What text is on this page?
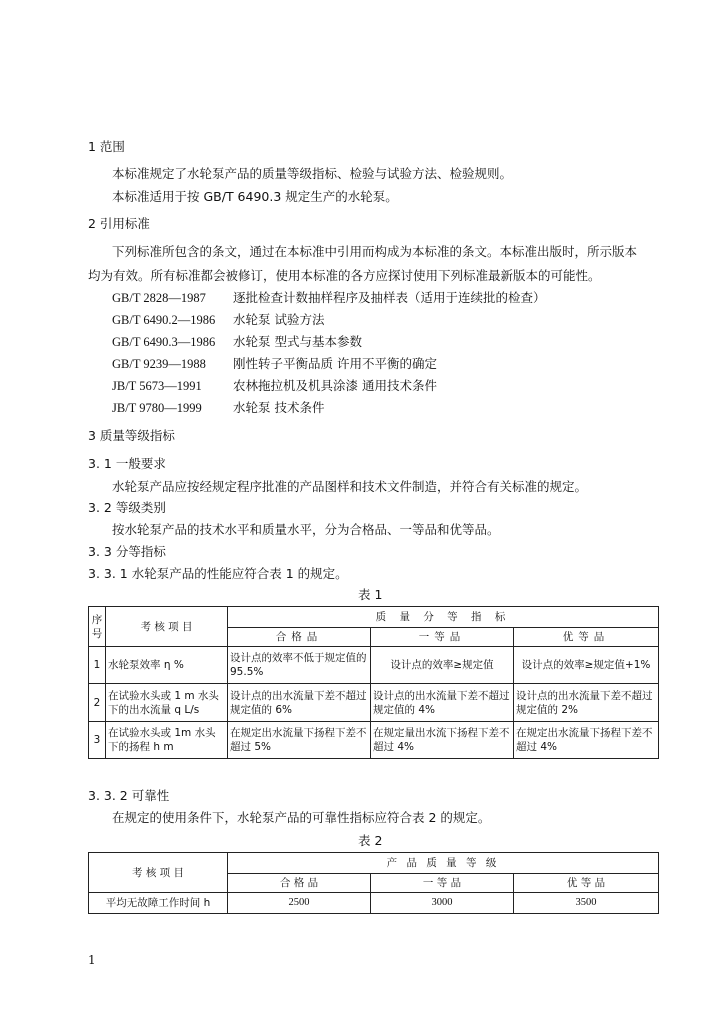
1 范围
本标准规定了水轮泵产品的质量等级指标、检验与试验方法、检验规则。
本标准适用于按 GB/T 6490.3 规定生产的水轮泵。
2 引用标准
下列标准所包含的条文，通过在本标准中引用而构成为本标准的条文。本标准出版时，所示版本
均为有效。所有标准都会被修订，使用本标准的各方应探讨使用下列标准最新版本的可能性。
GB/T 2828—1987 逐批检查计数抽样程序及抽样表（适用于连续批的检查）
GB/T 6490.2—1986 水轮泵 试验方法
GB/T 6490.3—1986 水轮泵 型式与基本参数
GB/T 9239—1988 刚性转子平衡品质 许用不平衡的确定
JB/T 5673—1991	农林拖拉机及机具涂漆 通用技术条件
JB/T 9780—1999	水轮泵 技术条件
3 质量等级指标
3. 1 一般要求
水轮泵产品应按经规定程序批准的产品图样和技术文件制造，并符合有关标准的规定。
3. 2 等级类别
按水轮泵产品的技术水平和质量水平，分为合格品、一等品和优等品。
3. 3 分等指标
3. 3. 1 水轮泵产品的性能应符合表 1 的规定。
表 1
序号	考 核 项 目	质 量 分 等 指 标		
		合格品	一等品	优等品
1	水轮泵效率 η %	设计点的效率不低于规定值的 95.5%	设计点的效率≥规定值	设计点的效率≥规定值+1%
2	在试验水头或 1 m 水头下的出水流量 q L/s	设计点的出水流量下差不超过规定值的 6%	设计点的出水流量下差不超过规定值的 4%	设计点的出水流量下差不超过规定值的 2%
3	在试验水头或 1m 水头下的扬程 h m	在规定出水流量下扬程下差不超过 5%	在规定量出水流下扬程下差不超过 4%	在规定出水流量下扬程下差不超过 4%
3. 3. 2 可靠性
在规定的使用条件下，水轮泵产品的可靠性指标应符合表 2 的规定。
表 2
考 核 项 目	产 品 质 量 等 级		
	合 格 品	一 等 品	优 等 品
平均无故障工作时间 h	2500	3000	3500
1
